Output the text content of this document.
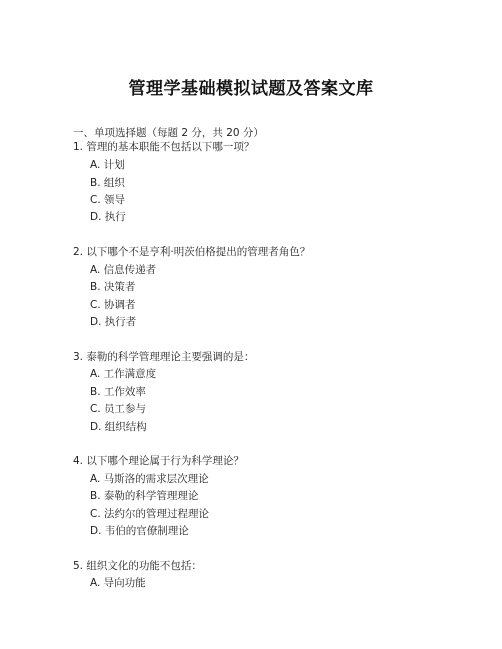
管理学基础模拟试题及答案文库
一、单项选择题（每题 2 分，共 20 分）
1. 管理的基本职能不包括以下哪一项？
A. 计划
B. 组织
C. 领导
D. 执行
2. 以下哪个不是亨利·明茨伯格提出的管理者角色？
A. 信息传递者
B. 决策者
C. 协调者
D. 执行者
3. 泰勒的科学管理理论主要强调的是：
A. 工作满意度
B. 工作效率
C. 员工参与
D. 组织结构
4. 以下哪个理论属于行为科学理论？
A. 马斯洛的需求层次理论
B. 泰勒的科学管理理论
C. 法约尔的管理过程理论
D. 韦伯的官僚制理论
5. 组织文化的功能不包括：
A. 导向功能
